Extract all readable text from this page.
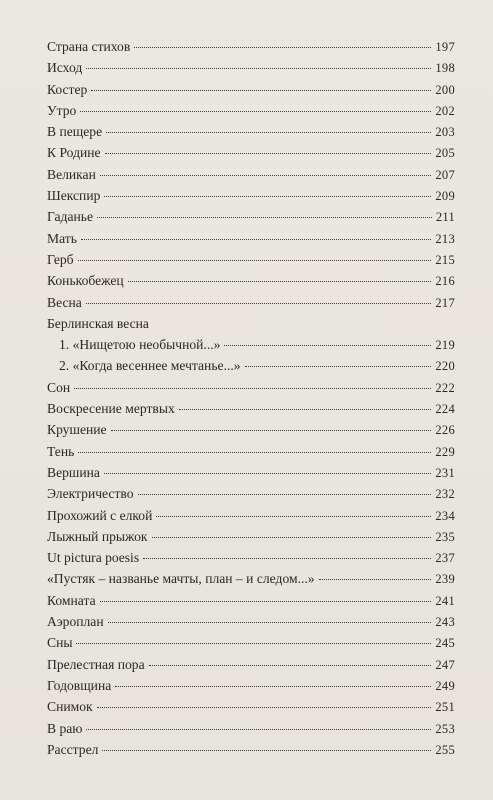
Страна стихов	197
Исход	198
Костер	200
Утро	202
В пещере	203
К Родине	205
Великан	207
Шекспир	209
Гаданье	211
Мать	213
Герб	215
Конькобежец	216
Весна	217
Берлинская весна
1. «Нищетою необычной...»	219
2. «Когда весеннее мечтанье...»	220
Сон	222
Воскресение мертвых	224
Крушение	226
Тень	229
Вершина	231
Электричество	232
Прохожий с елкой	234
Лыжный прыжок	235
Ut pictura poesis	237
«Пустяк – названье мачты, план – и следом...»	239
Комната	241
Аэроплан	243
Сны	245
Прелестная пора	247
Годовщина	249
Снимок	251
В раю	253
Расстрел	255
